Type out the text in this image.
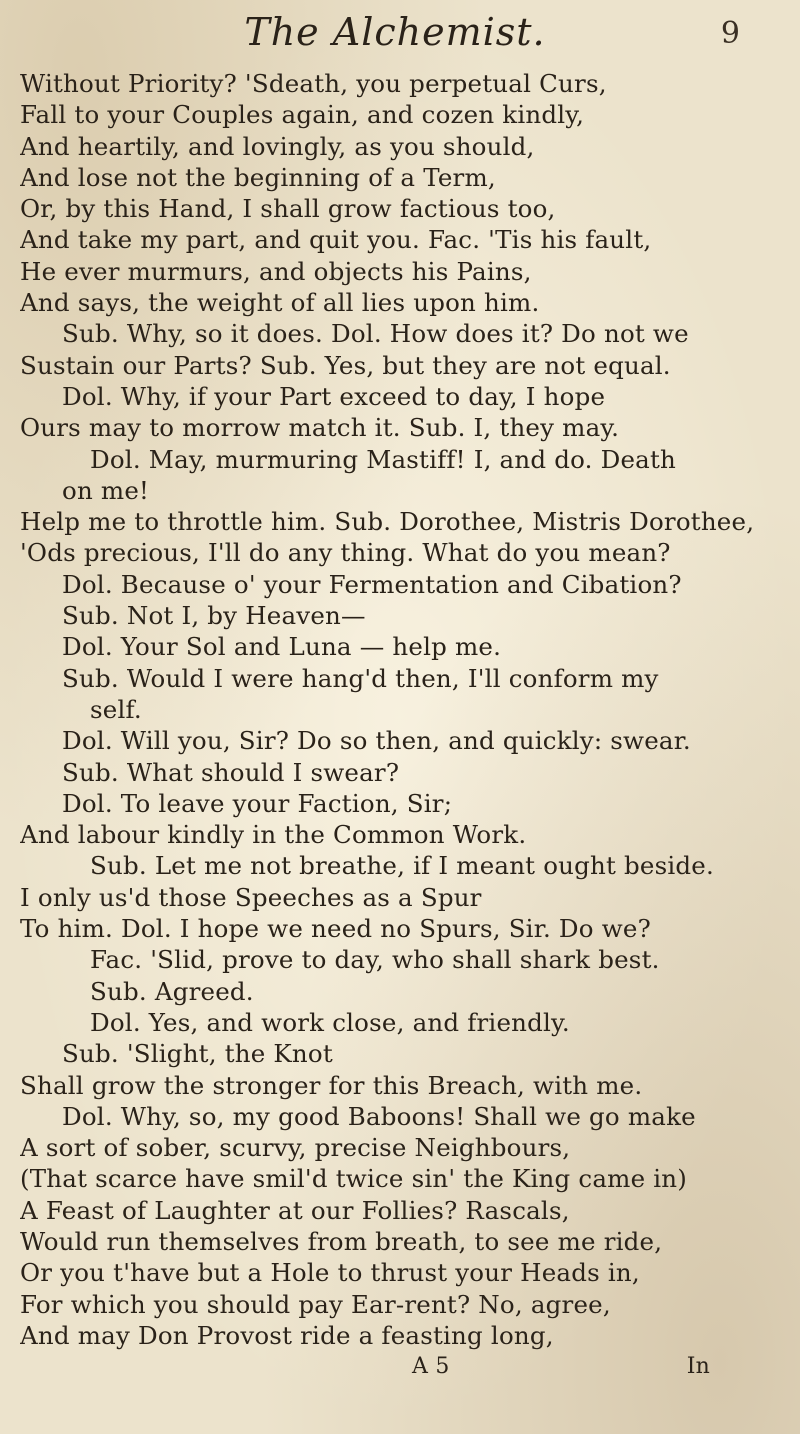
The Alchemist.	9
Without Priority? 'Sdeath, you perpetual Curs,
Fall to your Couples again, and cozen kindly,
And heartily, and lovingly, as you should,
And lose not the beginning of a Term,
Or, by this Hand, I shall grow factious too,
And take my part, and quit you. Fac. 'Tis his fault,
He ever murmurs, and objects his Pains,
And says, the weight of all lies upon him.
Sub. Why, so it does. Dol. How does it? Do not we
Sustain our Parts? Sub. Yes, but they are not equal.
Dol. Why, if your Part exceed to day, I hope
Ours may to morrow match it. Sub. I, they may.
Dol. May, murmuring Mastiff! I, and do. Death
on me!
Help me to throttle him. Sub. Dorothee, Mistris Dorothee,
'Ods precious, I'll do any thing. What do you mean?
Dol. Because o' your Fermentation and Cibation?
Sub. Not I, by Heaven—
Dol. Your Sol and Luna — help me.
Sub. Would I were hang'd then, I'll conform my
self.
Dol. Will you, Sir? Do so then, and quickly: swear.
Sub. What should I swear?
Dol. To leave your Faction, Sir;
And labour kindly in the Common Work.
Sub. Let me not breathe, if I meant ought beside.
I only us'd those Speeches as a Spur
To him. Dol. I hope we need no Spurs, Sir. Do we?
Fac. 'Slid, prove to day, who shall shark best.
Sub. Agreed.
Dol. Yes, and work close, and friendly.
Sub. 'Slight, the Knot
Shall grow the stronger for this Breach, with me.
Dol. Why, so, my good Baboons! Shall we go make
A sort of sober, scurvy, precise Neighbours,
(That scarce have smil'd twice sin' the King came in)
A Feast of Laughter at our Follies? Rascals,
Would run themselves from breath, to see me ride,
Or you t'have but a Hole to thrust your Heads in,
For which you should pay Ear-rent? No, agree,
And may Don Provost ride a feasting long,
A 5	In
